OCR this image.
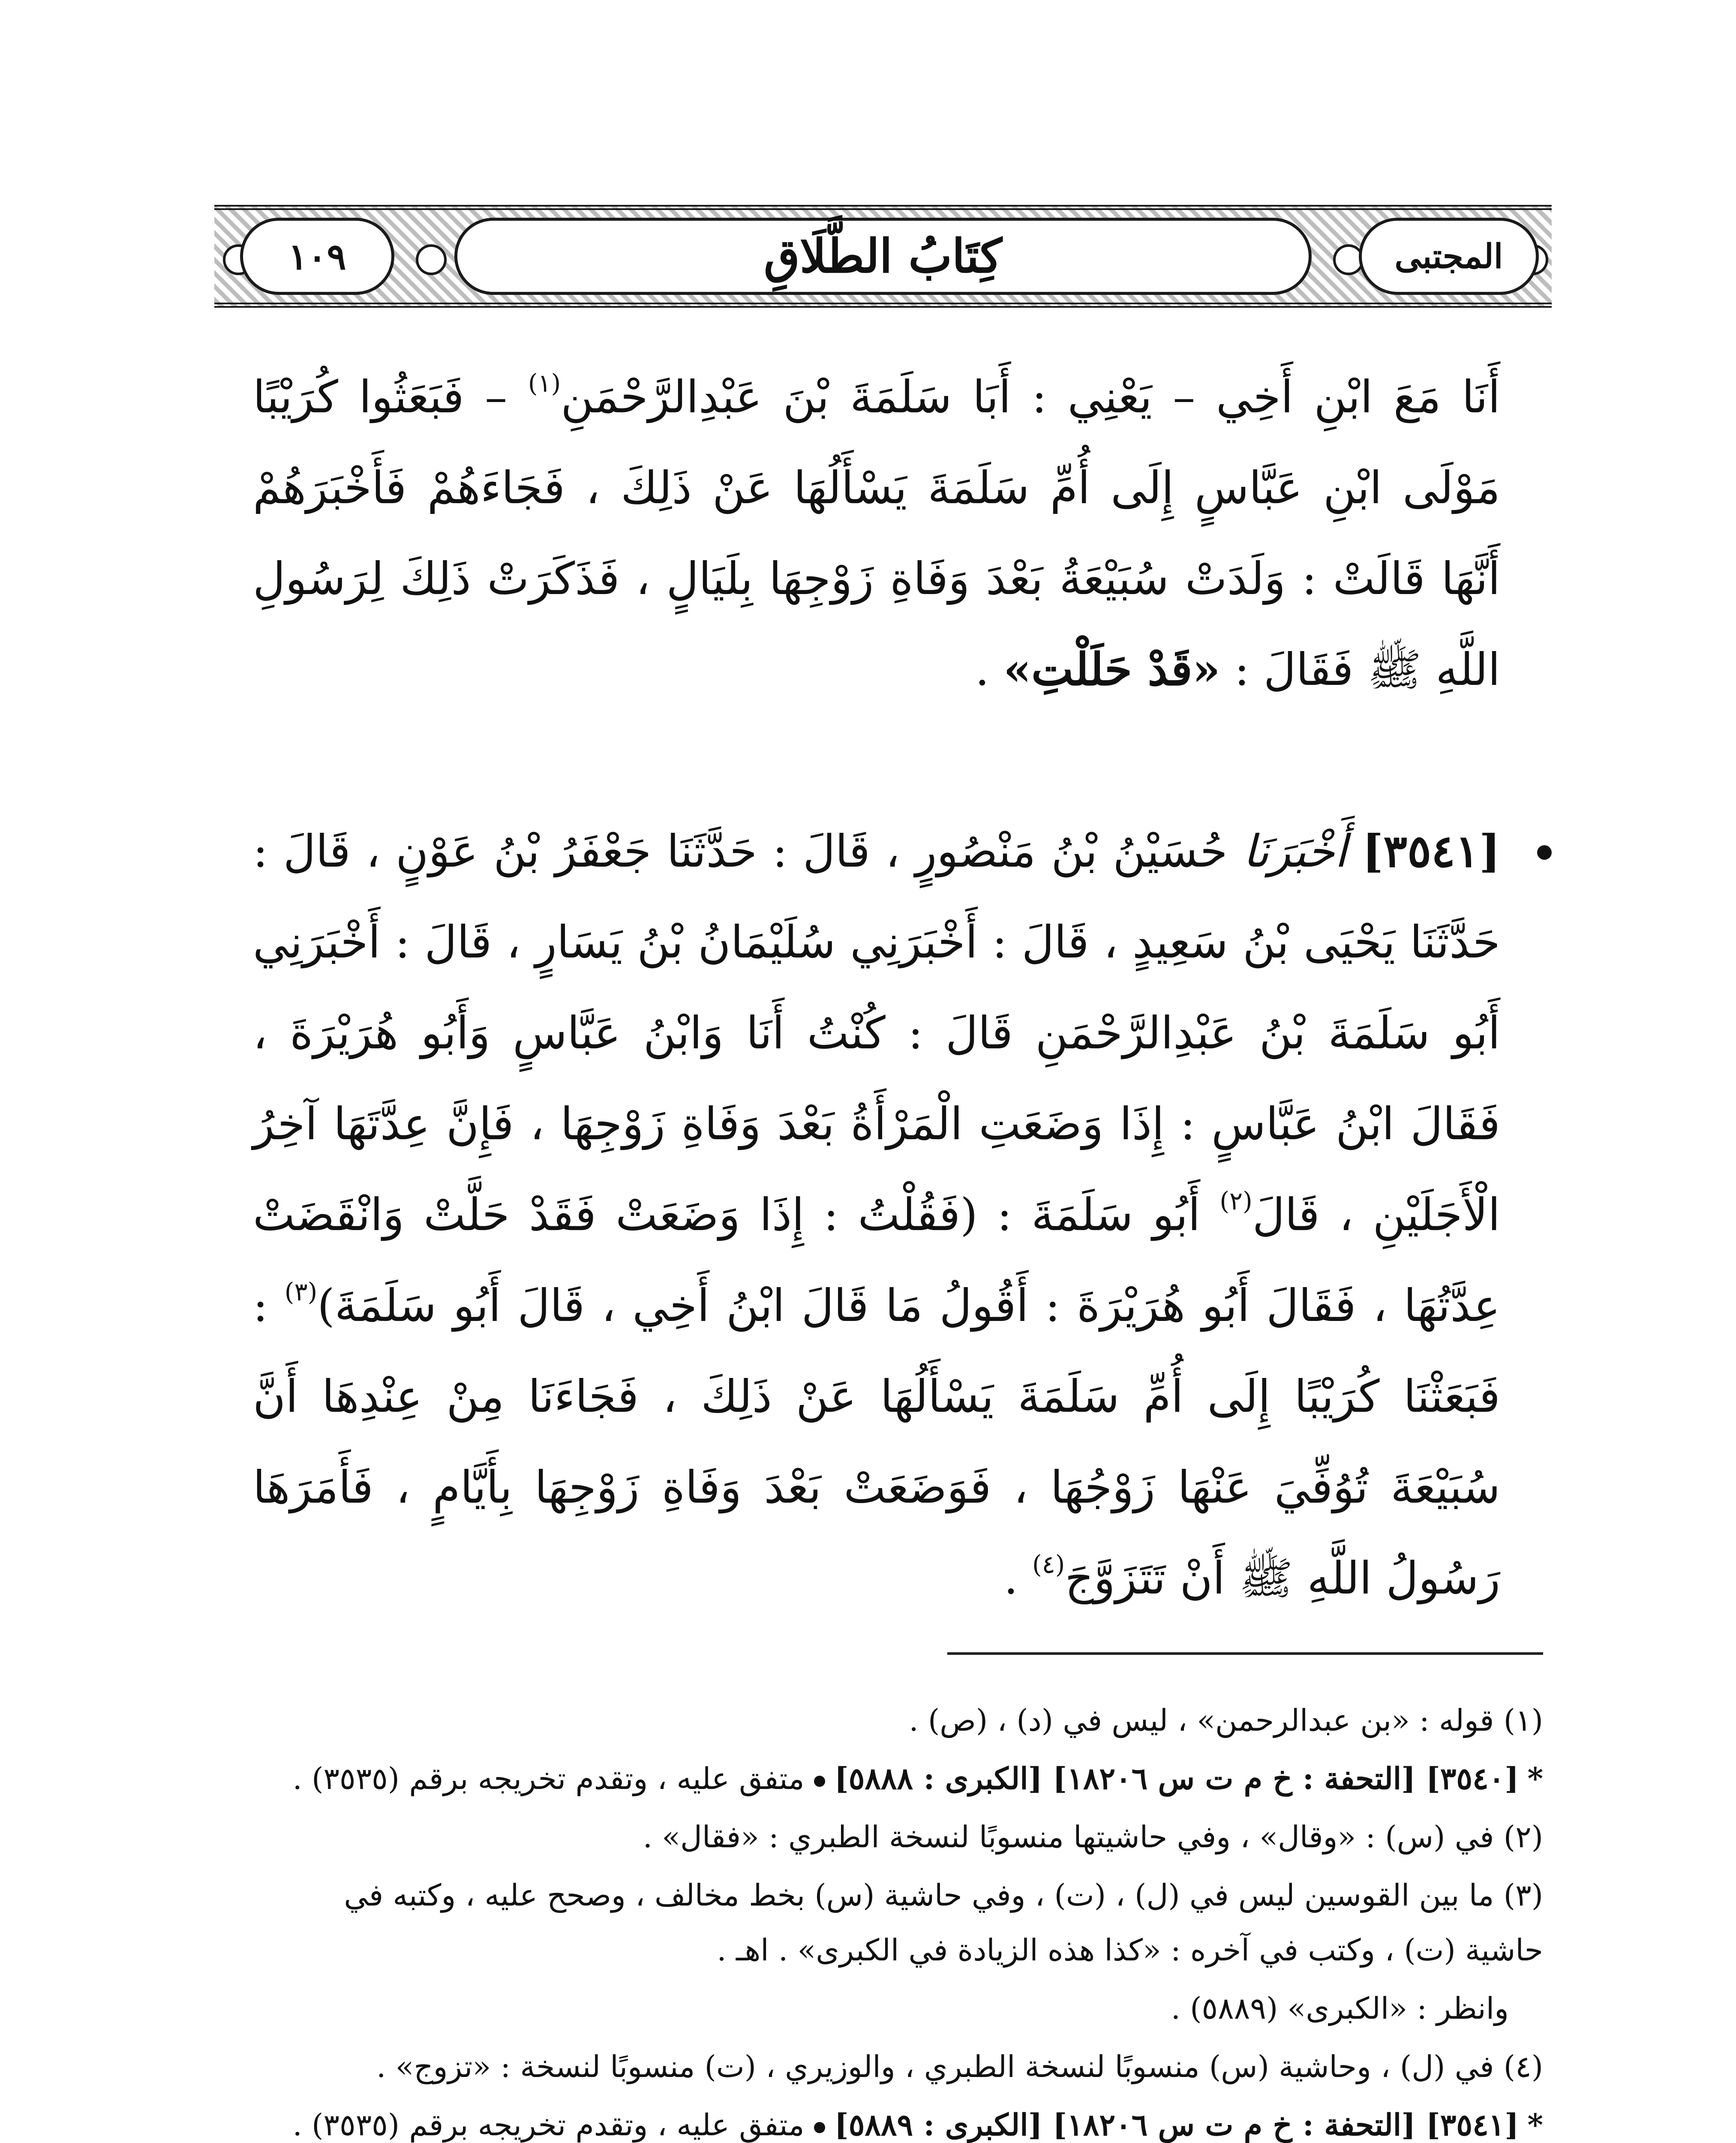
١٠٩	كِتَابُ الطَّلَاقِ	المجتبى
أَنَا مَعَ ابْنِ أَخِي – يَعْنِي : أَبَا سَلَمَةَ بْنَ عَبْدِالرَّحْمَنِ$^{(١)}$ – فَبَعَثُوا كُرَيْبًا مَوْلَى ابْنِ عَبَّاسٍ إِلَى أُمِّ سَلَمَةَ يَسْأَلُهَا عَنْ ذَلِكَ ، فَجَاءَهُمْ فَأَخْبَرَهُمْ أَنَّهَا قَالَتْ : وَلَدَتْ سُبَيْعَةُ بَعْدَ وَفَاةِ زَوْجِهَا بِلَيَالٍ ، فَذَكَرَتْ ذَلِكَ لِرَسُولِ اللَّهِ ﷺ فَقَالَ : «قَدْ حَلَلْتِ» .
[٣٥٤١] أَخْبَرَنَا حُسَيْنُ بْنُ مَنْصُورٍ ، قَالَ : حَدَّثَنَا جَعْفَرُ بْنُ عَوْنٍ ، قَالَ : حَدَّثَنَا يَحْيَى بْنُ سَعِيدٍ ، قَالَ : أَخْبَرَنِي سُلَيْمَانُ بْنُ يَسَارٍ ، قَالَ : أَخْبَرَنِي أَبُو سَلَمَةَ بْنُ عَبْدِالرَّحْمَنِ قَالَ : كُنْتُ أَنَا وَابْنُ عَبَّاسٍ وَأَبُو هُرَيْرَةَ ، فَقَالَ ابْنُ عَبَّاسٍ : إِذَا وَضَعَتِ الْمَرْأَةُ بَعْدَ وَفَاةِ زَوْجِهَا ، فَإِنَّ عِدَّتَهَا آخِرُ الْأَجَلَيْنِ ، قَالَ$^{(٢)}$ أَبُو سَلَمَةَ : (فَقُلْتُ : إِذَا وَضَعَتْ فَقَدْ حَلَّتْ وَانْقَضَتْ عِدَّتُهَا ، فَقَالَ أَبُو هُرَيْرَةَ : أَقُولُ مَا قَالَ ابْنُ أَخِي ، قَالَ أَبُو سَلَمَةَ)$^{(٣)}$ : فَبَعَثْنَا كُرَيْبًا إِلَى أُمِّ سَلَمَةَ يَسْأَلُهَا عَنْ ذَلِكَ ، فَجَاءَنَا مِنْ عِنْدِهَا أَنَّ سُبَيْعَةَ تُوُفِّيَ عَنْهَا زَوْجُهَا ، فَوَضَعَتْ بَعْدَ وَفَاةِ زَوْجِهَا بِأَيَّامٍ ، فَأَمَرَهَا رَسُولُ اللَّهِ ﷺ أَنْ تَتَزَوَّجَ$^{(٤)}$ .

(١) قوله : «بن عبدالرحمن» ، ليس في (د) ، (ص) .

*[٣٥٤٠] [التحفة : خ م ت س ١٨٢٠٦] [الكبرى : ٥٨٨٨]متفق عليه ، وتقدم تخريجه برقم (٣٥٣٥) .

(٢) في (س) : «وقال» ، وفي حاشيتها منسوبًا لنسخة الطبري : «فقال» .

(٣) ما بين القوسين ليس في (ل) ، (ت) ، وفي حاشية (س) بخط مخالف ، وصحح عليه ، وكتبه في حاشية (ت) ، وكتب في آخره : «كذا هذه الزيادة في الكبرى» . اهـ .

وانظر : «الكبرى» (٥٨٨٩) .

(٤) في (ل) ، وحاشية (س) منسوبًا لنسخة الطبري ، والوزيري ، (ت) منسوبًا لنسخة : «تزوج» .

*[٣٥٤١] [التحفة : خ م ت س ١٨٢٠٦] [الكبرى : ٥٨٨٩]متفق عليه ، وتقدم تخريجه برقم (٣٥٣٥) .
